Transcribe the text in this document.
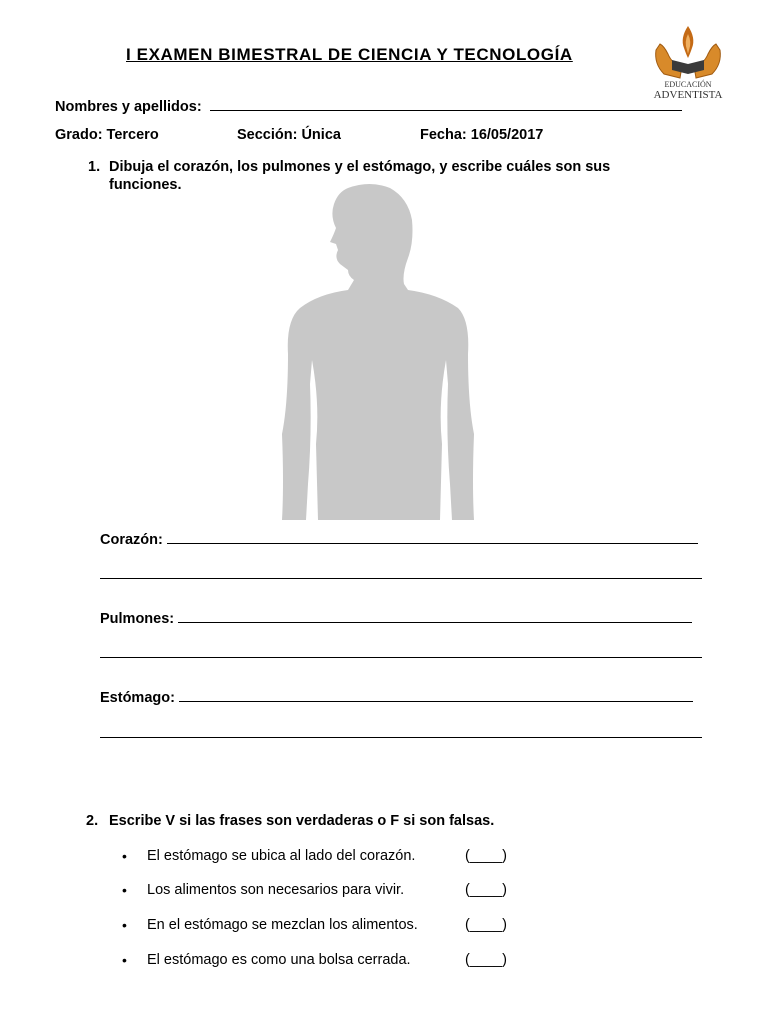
I EXAMEN BIMESTRAL DE CIENCIA Y TECNOLOGÍA
EDUCACIÓN
ADVENTISTA
Nombres y apellidos:
Grado: Tercero	Sección: Única	Fecha: 16/05/2017
1. Dibuja el corazón, los pulmones y el estómago, y escribe cuáles son sus
funciones.
Corazón:
Pulmones:
Estómago:
2. Escribe V si las frases son verdaderas o F si son falsas.
• El estómago se ubica al lado del corazón.	(____)
• Los alimentos son necesarios para vivir.	(____)
• En el estómago se mezclan los alimentos.	(____)
• El estómago es como una bolsa cerrada.	(____)
